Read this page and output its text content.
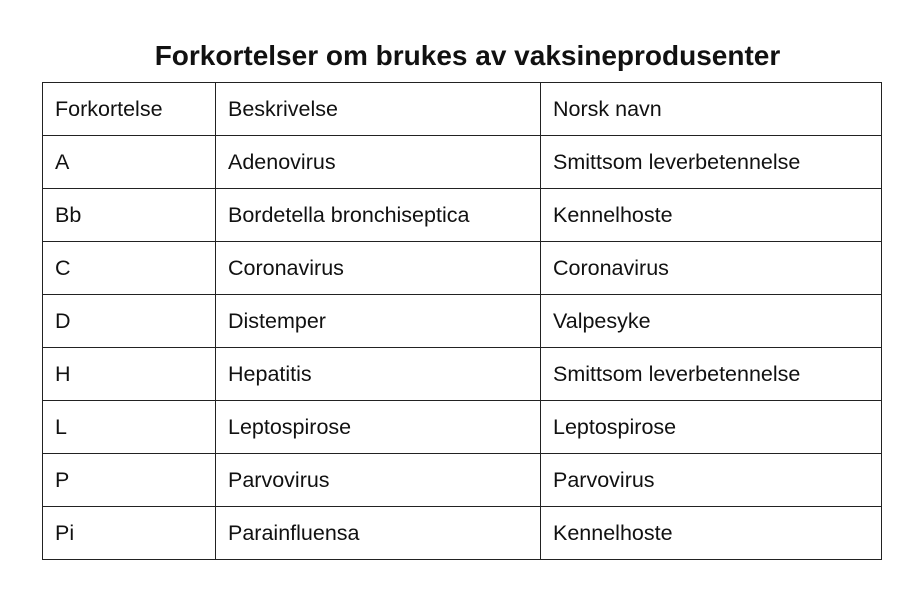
Forkortelser om brukes av vaksineprodusenter
Forkortelse	Beskrivelse	Norsk navn
A	Adenovirus	Smittsom leverbetennelse
Bb	Bordetella bronchiseptica	Kennelhoste
C	Coronavirus	Coronavirus
D	Distemper	Valpesyke
H	Hepatitis	Smittsom leverbetennelse
L	Leptospirose	Leptospirose
P	Parvovirus	Parvovirus
Pi	Parainfluensa	Kennelhoste
